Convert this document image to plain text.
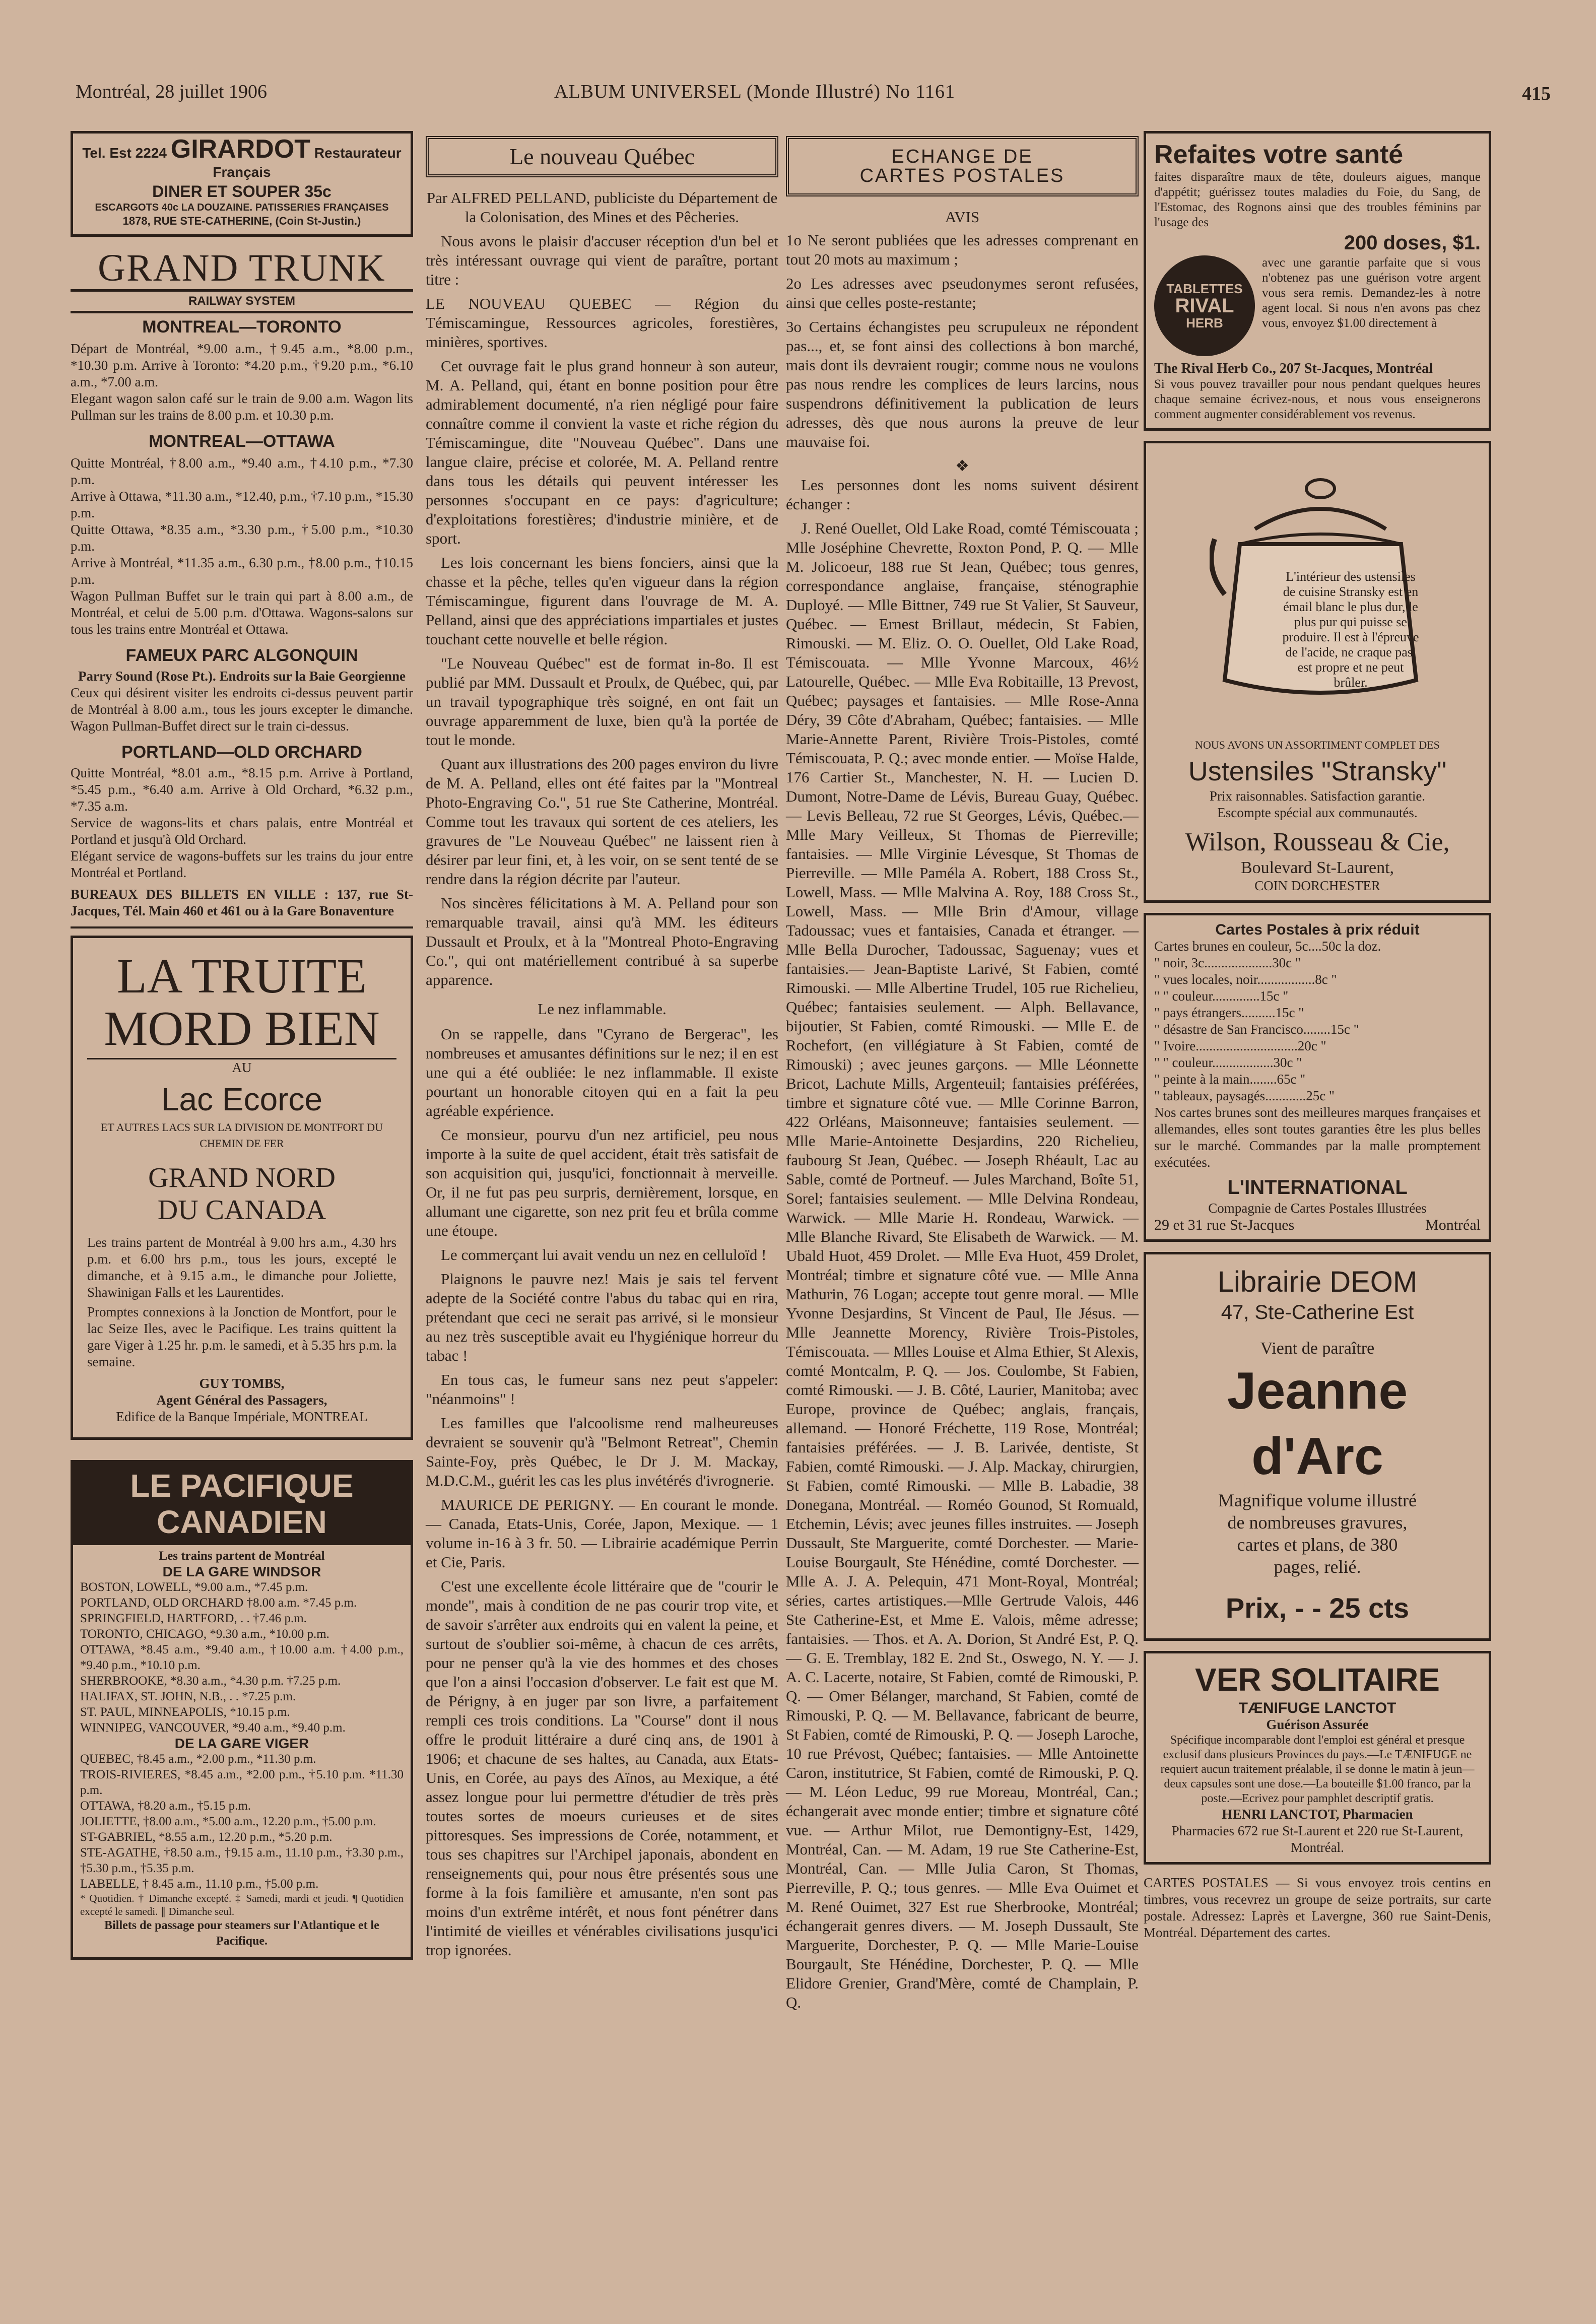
Montréal, 28 juillet 1906	ALBUM UNIVERSEL (Monde Illustré) No 1161	415
Tel. Est 2224 GIRARDOT Restaurateur Français
DINER ET SOUPER 35c
ESCARGOTS 40c LA DOUZAINE. PATISSERIES FRANÇAISES
1878, RUE STE-CATHERINE, (Coin St-Justin.)
GRAND TRUNK
RAILWAY SYSTEM
MONTREAL—TORONTO
Départ de Montréal, *9.00 a.m., †9.45 a.m., *8.00 p.m., *10.30 p.m. Arrive à Toronto: *4.20 p.m., †9.20 p.m., *6.10 a.m., *7.00 a.m.
Elegant wagon salon café sur le train de 9.00 a.m. Wagon lits Pullman sur les trains de 8.00 p.m. et 10.30 p.m.
MONTREAL—OTTAWA
Quitte Montréal, †8.00 a.m., *9.40 a.m., †4.10 p.m., *7.30 p.m.
Arrive à Ottawa, *11.30 a.m., *12.40, p.m., †7.10 p.m., *15.30 p.m.
Quitte Ottawa, *8.35 a.m., *3.30 p.m., †5.00 p.m., *10.30 p.m.
Arrive à Montréal, *11.35 a.m., 6.30 p.m., †8.00 p.m., †10.15 p.m.
Wagon Pullman Buffet sur le train qui part à 8.00 a.m., de Montréal, et celui de 5.00 p.m. d'Ottawa. Wagons-salons sur tous les trains entre Montréal et Ottawa.
FAMEUX PARC ALGONQUIN
Parry Sound (Rose Pt.). Endroits sur la Baie Georgienne
Ceux qui désirent visiter les endroits ci-dessus peuvent partir de Montréal à 8.00 a.m., tous les jours excepter le dimanche. Wagon Pullman-Buffet direct sur le train ci-dessus.
PORTLAND—OLD ORCHARD
Quitte Montréal, *8.01 a.m., *8.15 p.m. Arrive à Portland, *5.45 p.m., *6.40 a.m. Arrive à Old Orchard, *6.32 p.m., *7.35 a.m.
Service de wagons-lits et chars palais, entre Montréal et Portland et jusqu'à Old Orchard.
Elégant service de wagons-buffets sur les trains du jour entre Montréal et Portland.
BUREAUX DES BILLETS EN VILLE : 137, rue St-Jacques, Tél. Main 460 et 461 ou à la Gare Bonaventure
LA TRUITE
MORD BIEN
AU
Lac Ecorce
ET AUTRES LACS SUR LA DIVISION DE MONTFORT DU CHEMIN DE FER
GRAND NORD
DU CANADA
Les trains partent de Montréal à 9.00 hrs a.m., 4.30 hrs p.m. et 6.00 hrs p.m., tous les jours, excepté le dimanche, et à 9.15 a.m., le dimanche pour Joliette, Shawinigan Falls et les Laurentides.
Promptes connexions à la Jonction de Montfort, pour le lac Seize Iles, avec le Pacifique. Les trains quittent la gare Viger à 1.25 hr. p.m. le samedi, et à 5.35 hrs p.m. la semaine.
GUY TOMBS,
Agent Général des Passagers,
Edifice de la Banque Impériale, MONTREAL
LE PACIFIQUE
CANADIEN
Les trains partent de Montréal
DE LA GARE WINDSOR
BOSTON, LOWELL, *9.00 a.m., *7.45 p.m.
PORTLAND, OLD ORCHARD †8.00 a.m. *7.45 p.m.
SPRINGFIELD, HARTFORD, . . †7.46 p.m.
TORONTO, CHICAGO, *9.30 a.m., *10.00 p.m.
OTTAWA, *8.45 a.m., *9.40 a.m., †10.00 a.m. †4.00 p.m., *9.40 p.m., *10.10 p.m.
SHERBROOKE, *8.30 a.m., *4.30 p.m. †7.25 p.m.
HALIFAX, ST. JOHN, N.B., . . *7.25 p.m.
ST. PAUL, MINNEAPOLIS, *10.15 p.m.
WINNIPEG, VANCOUVER, *9.40 a.m., *9.40 p.m.
DE LA GARE VIGER
QUEBEC, †8.45 a.m., *2.00 p.m., *11.30 p.m.
TROIS-RIVIERES, *8.45 a.m., *2.00 p.m., †5.10 p.m. *11.30 p.m.
OTTAWA, †8.20 a.m., †5.15 p.m.
JOLIETTE, †8.00 a.m., *5.00 a.m., 12.20 p.m., †5.00 p.m.
ST-GABRIEL, *8.55 a.m., 12.20 p.m., *5.20 p.m.
STE-AGATHE, †8.50 a.m., †9.15 a.m., 11.10 p.m., †3.30 p.m., †5.30 p.m., †5.35 p.m.
LABELLE, † 8.45 a.m., 11.10 p.m., †5.00 p.m.
* Quotidien. † Dimanche excepté. ‡ Samedi, mardi et jeudi. ¶ Quotidien excepté le samedi. ∥ Dimanche seul.
Billets de passage pour steamers sur l'Atlantique et le Pacifique.
Le nouveau Québec

Par ALFRED PELLAND, publiciste du Département de la Colonisation, des Mines et des Pêcheries.

Nous avons le plaisir d'accuser réception d'un bel et très intéressant ouvrage qui vient de paraître, portant titre :

LE NOUVEAU QUEBEC — Région du Témiscamingue, Ressources agricoles, forestières, minières, sportives.

Cet ouvrage fait le plus grand honneur à son auteur, M. A. Pelland, qui, étant en bonne position pour être admirablement documenté, n'a rien négligé pour faire connaître comme il convient la vaste et riche région du Témiscamingue, dite "Nouveau Québec". Dans une langue claire, précise et colorée, M. A. Pelland rentre dans tous les détails qui peuvent intéresser les personnes s'occupant en ce pays: d'agriculture; d'exploitations forestières; d'industrie minière, et de sport.

Les lois concernant les biens fonciers, ainsi que la chasse et la pêche, telles qu'en vigueur dans la région Témiscamingue, figurent dans l'ouvrage de M. A. Pelland, ainsi que des appréciations impartiales et justes touchant cette nouvelle et belle région.

"Le Nouveau Québec" est de format in-8o. Il est publié par MM. Dussault et Proulx, de Québec, qui, par un travail typographique très soigné, en ont fait un ouvrage apparemment de luxe, bien qu'à la portée de tout le monde.

Quant aux illustrations des 200 pages environ du livre de M. A. Pelland, elles ont été faites par la "Montreal Photo-Engraving Co.", 51 rue Ste Catherine, Montréal. Comme tout les travaux qui sortent de ces ateliers, les gravures de "Le Nouveau Québec" ne laissent rien à désirer par leur fini, et, à les voir, on se sent tenté de se rendre dans la région décrite par l'auteur.

Nos sincères félicitations à M. A. Pelland pour son remarquable travail, ainsi qu'à MM. les éditeurs Dussault et Proulx, et à la "Montreal Photo-Engraving Co.", qui ont matériellement contribué à sa superbe apparence.

Le nez inflammable.

On se rappelle, dans "Cyrano de Bergerac", les nombreuses et amusantes définitions sur le nez; il en est une qui a été oubliée: le nez inflammable. Il existe pourtant un honorable citoyen qui en a fait la peu agréable expérience.

Ce monsieur, pourvu d'un nez artificiel, peu nous importe à la suite de quel accident, était très satisfait de son acquisition qui, jusqu'ici, fonctionnait à merveille. Or, il ne fut pas peu surpris, dernièrement, lorsque, en allumant une cigarette, son nez prit feu et brûla comme une étoupe.

Le commerçant lui avait vendu un nez en celluloïd !

Plaignons le pauvre nez! Mais je sais tel fervent adepte de la Société contre l'abus du tabac qui en rira, prétendant que ceci ne serait pas arrivé, si le monsieur au nez très susceptible avait eu l'hygiénique horreur du tabac !

En tous cas, le fumeur sans nez peut s'appeler: "néanmoins" !

Les familles que l'alcoolisme rend malheureuses devraient se souvenir qu'à "Belmont Retreat", Chemin Sainte-Foy, près Québec, le Dr J. M. Mackay, M.D.C.M., guérit les cas les plus invétérés d'ivrognerie.

MAURICE DE PERIGNY. — En courant le monde. — Canada, Etats-Unis, Corée, Japon, Mexique. — 1 volume in-16 à 3 fr. 50. — Librairie académique Perrin et Cie, Paris.

C'est une excellente école littéraire que de "courir le monde", mais à condition de ne pas courir trop vite, et de savoir s'arrêter aux endroits qui en valent la peine, et surtout de s'oublier soi-même, à chacun de ces arrêts, pour ne penser qu'à la vie des hommes et des choses que l'on a ainsi l'occasion d'observer. Le fait est que M. de Périgny, à en juger par son livre, a parfaitement rempli ces trois conditions. La "Course" dont il nous offre le produit littéraire a duré cinq ans, de 1901 à 1906; et chacune de ses haltes, au Canada, aux Etats-Unis, en Corée, au pays des Aïnos, au Mexique, a été assez longue pour lui permettre d'étudier de très près toutes sortes de moeurs curieuses et de sites pittoresques. Ses impressions de Corée, notamment, et tous ses chapitres sur l'Archipel japonais, abondent en renseignements qui, pour nous être présentés sous une forme à la fois familière et amusante, n'en sont pas moins d'un extrême intérêt, et nous font pénétrer dans l'intimité de vieilles et vénérables civilisations jusqu'ici trop ignorées.

ECHANGE DE
CARTES POSTALES
AVIS

1o Ne seront publiées que les adresses comprenant en tout 20 mots au maximum ;

2o Les adresses avec pseudonymes seront refusées, ainsi que celles poste-restante;

3o Certains échangistes peu scrupuleux ne répondent pas..., et, se font ainsi des collections à bon marché, mais dont ils devraient rougir; comme nous ne voulons pas nous rendre les complices de leurs larcins, nous suspendrons définitivement la publication de leurs adresses, dès que nous aurons la preuve de leur mauvaise foi.

❖

Les personnes dont les noms suivent désirent échanger :

J. René Ouellet, Old Lake Road, comté Témiscouata ; Mlle Joséphine Chevrette, Roxton Pond, P. Q. — Mlle M. Jolicoeur, 188 rue St Jean, Québec; tous genres, correspondance anglaise, française, sténographie Duployé. — Mlle Bittner, 749 rue St Valier, St Sauveur, Québec. — Ernest Brillaut, médecin, St Fabien, Rimouski. — M. Eliz. O. O. Ouellet, Old Lake Road, Témiscouata. — Mlle Yvonne Marcoux, 46½ Latourelle, Québec. — Mlle Eva Robitaille, 13 Prevost, Québec; paysages et fantaisies. — Mlle Rose-Anna Déry, 39 Côte d'Abraham, Québec; fantaisies. — Mlle Marie-Annette Parent, Rivière Trois-Pistoles, comté Témiscouata, P. Q.; avec monde entier. — Moïse Halde, 176 Cartier St., Manchester, N. H. — Lucien D. Dumont, Notre-Dame de Lévis, Bureau Guay, Québec. — Levis Belleau, 72 rue St Georges, Lévis, Québec.— Mlle Mary Veilleux, St Thomas de Pierreville; fantaisies. — Mlle Virginie Lévesque, St Thomas de Pierreville. — Mlle Paméla A. Robert, 188 Cross St., Lowell, Mass. — Mlle Malvina A. Roy, 188 Cross St., Lowell, Mass. — Mlle Brin d'Amour, village Tadoussac; vues et fantaisies, Canada et étranger. — Mlle Bella Durocher, Tadoussac, Saguenay; vues et fantaisies.— Jean-Baptiste Larivé, St Fabien, comté Rimouski. — Mlle Albertine Trudel, 105 rue Richelieu, Québec; fantaisies seulement. — Alph. Bellavance, bijoutier, St Fabien, comté Rimouski. — Mlle E. de Rochefort, (en villégiature à St Fabien, comté de Rimouski) ; avec jeunes garçons. — Mlle Léonnette Bricot, Lachute Mills, Argenteuil; fantaisies préférées, timbre et signature côté vue. — Mlle Corinne Barron, 422 Orléans, Maisonneuve; fantaisies seulement. — Mlle Marie-Antoinette Desjardins, 220 Richelieu, faubourg St Jean, Québec. — Joseph Rhéault, Lac au Sable, comté de Portneuf. — Jules Marchand, Boîte 51, Sorel; fantaisies seulement. — Mlle Delvina Rondeau, Warwick. — Mlle Marie H. Rondeau, Warwick. — Mlle Blanche Rivard, Ste Elisabeth de Warwick. — M. Ubald Huot, 459 Drolet. — Mlle Eva Huot, 459 Drolet, Montréal; timbre et signature côté vue. — Mlle Anna Mathurin, 76 Logan; accepte tout genre moral. — Mlle Yvonne Desjardins, St Vincent de Paul, Ile Jésus. — Mlle Jeannette Morency, Rivière Trois-Pistoles, Témiscouata. — Mlles Louise et Alma Ethier, St Alexis, comté Montcalm, P. Q. — Jos. Coulombe, St Fabien, comté Rimouski. — J. B. Côté, Laurier, Manitoba; avec Europe, province de Québec; anglais, français, allemand. — Honoré Fréchette, 119 Rose, Montréal; fantaisies préférées. — J. B. Larivée, dentiste, St Fabien, comté Rimouski. — J. Alp. Mackay, chirurgien, St Fabien, comté Rimouski. — Mlle B. Labadie, 38 Donegana, Montréal. — Roméo Gounod, St Romuald, Etchemin, Lévis; avec jeunes filles instruites. — Joseph Dussault, Ste Marguerite, comté Dorchester. — Marie-Louise Bourgault, Ste Hénédine, comté Dorchester. — Mlle A. J. A. Pelequin, 471 Mont-Royal, Montréal; séries, cartes artistiques.—Mlle Gertrude Valois, 446 Ste Catherine-Est, et Mme E. Valois, même adresse; fantaisies. — Thos. et A. A. Dorion, St André Est, P. Q. — G. E. Tremblay, 182 E. 2nd St., Oswego, N. Y. — J. A. C. Lacerte, notaire, St Fabien, comté de Rimouski, P. Q. — Omer Bélanger, marchand, St Fabien, comté de Rimouski, P. Q. — M. Bellavance, fabricant de beurre, St Fabien, comté de Rimouski, P. Q. — Joseph Laroche, 10 rue Prévost, Québec; fantaisies. — Mlle Antoinette Caron, institutrice, St Fabien, comté de Rimouski, P. Q. — M. Léon Leduc, 99 rue Moreau, Montréal, Can.; échangerait avec monde entier; timbre et signature côté vue. — Arthur Milot, rue Demontigny-Est, 1429, Montréal, Can. — M. Adam, 19 rue Ste Catherine-Est, Montréal, Can. — Mlle Julia Caron, St Thomas, Pierreville, P. Q.; tous genres. — Mlle Eva Ouimet et M. René Ouimet, 327 Est rue Sherbrooke, Montréal; échangerait genres divers. — M. Joseph Dussault, Ste Marguerite, Dorchester, P. Q. — Mlle Marie-Louise Bourgault, Ste Hénédine, Dorchester, P. Q. — Mlle Elidore Grenier, Grand'Mère, comté de Champlain, P. Q.

Refaites votre santé
faites disparaître maux de tête, douleurs aigues, manque d'appétit; guérissez toutes maladies du Foie, du Sang, de l'Estomac, des Rognons ainsi que des troubles féminins par l'usage des
200 doses, $1.
TABLETTES
RIVAL
HERB
avec une garantie parfaite que si vous n'obtenez pas une guérison votre argent vous sera remis. Demandez-les à notre agent local. Si nous n'en avons pas chez vous, envoyez $1.00 directement à
The Rival Herb Co., 207 St-Jacques, Montréal
Si vous pouvez travailler pour nous pendant quelques heures chaque semaine écrivez-nous, et nous vous enseignerons comment augmenter considérablement vos revenus.
L'intérieur des ustensiles de cuisine Stransky est en émail blanc le plus dur, le plus pur qui puisse se produire. Il est à l'épreuve de l'acide, ne craque pas, est propre et ne peut brûler.
NOUS AVONS UN ASSORTIMENT COMPLET DES
Ustensiles "Stransky"
Prix raisonnables. Satisfaction garantie.
Escompte spécial aux communautés.
Wilson, Rousseau & Cie,
Boulevard St-Laurent,
COIN DORCHESTER
Cartes Postales à prix réduit
Cartes brunes en couleur, 5c....50c la doz.
" noir, 3c....................30c "
" vues locales, noir.................8c "
" " couleur..............15c "
" pays étrangers..........15c "
" désastre de San Francisco........15c "
" Ivoire..............................20c "
" " couleur..................30c "
" peinte à la main........65c "
" tableaux, paysagés............25c "
Nos cartes brunes sont des meilleures marques françaises et allemandes, elles sont toutes garanties être les plus belles sur le marché. Commandes par la malle promptement exécutées.
L'INTERNATIONAL
Compagnie de Cartes Postales Illustrées
29 et 31 rue St-Jacques	Montréal
Librairie DEOM
47, Ste-Catherine Est
Vient de paraître
Jeanne d'Arc
Magnifique volume illustré
de nombreuses gravures,
cartes et plans, de 380
pages, relié.
Prix, - - 25 cts
VER SOLITAIRE
TÆNIFUGE LANCTOT
Guérison Assurée
Spécifique incomparable dont l'emploi est général et presque exclusif dans plusieurs Provinces du pays.—Le TÆNIFUGE ne requiert aucun traitement préalable, il se donne le matin à jeun—deux capsules sont une dose.—La bouteille $1.00 franco, par la poste.—Ecrivez pour pamphlet descriptif gratis.
HENRI LANCTOT, Pharmacien
Pharmacies 672 rue St-Laurent et 220 rue St-Laurent, Montréal.
CARTES POSTALES — Si vous envoyez trois centins en timbres, vous recevrez un groupe de seize portraits, sur carte postale. Adressez: Laprès et Lavergne, 360 rue Saint-Denis, Montréal. Département des cartes.
